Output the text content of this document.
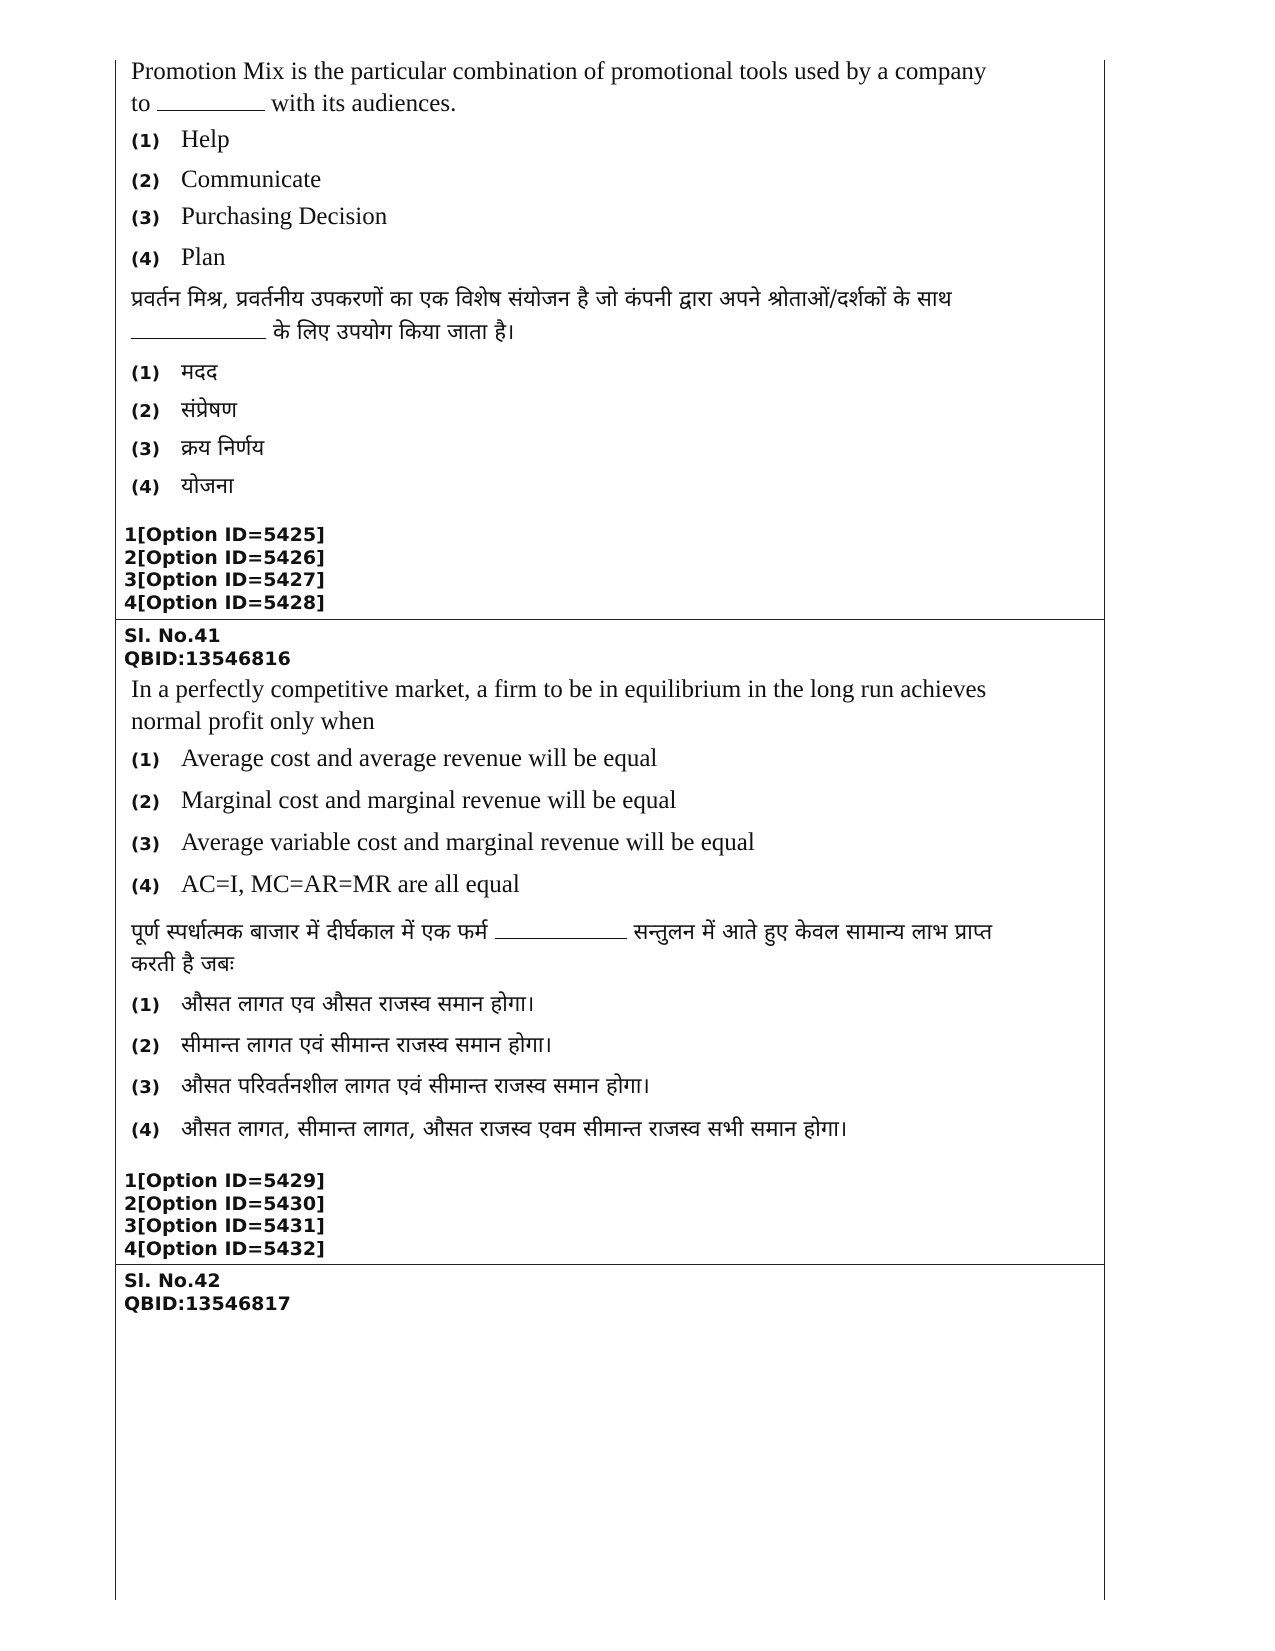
Promotion Mix is the particular combination of promotional tools used by a company to	with its audiences.
(1) Help
(2) Communicate
(3) Purchasing Decision
(4) Plan
प्रवर्तन मिश्र, प्रवर्तनीय उपकरणों का एक विशेष संयोजन है जो कंपनी द्वारा अपने श्रोताओं/दर्शकों के साथ
के लिए उपयोग किया जाता है।
(1) मदद
(2) संप्रेषण
(3) क्रय निर्णय
(4) योजना
1[Option ID=5425]
2[Option ID=5426]
3[Option ID=5427]
4[Option ID=5428]
Sl. No.41
QBID:13546816
In a perfectly competitive market, a firm to be in equilibrium in the long run achieves normal profit only when
(1) Average cost and average revenue will be equal
(2) Marginal cost and marginal revenue will be equal
(3) Average variable cost and marginal revenue will be equal
(4) AC=I, MC=AR=MR are all equal
पूर्ण स्पर्धात्मक बाजार में दीर्घकाल में एक फर्म	सन्तुलन में आते हुए केवल सामान्य लाभ प्राप्त करती है जबः
(1) औसत लागत एव औसत राजस्व समान होगा।
(2) सीमान्त लागत एवं सीमान्त राजस्व समान होगा।
(3) औसत परिवर्तनशील लागत एवं सीमान्त राजस्व समान होगा।
(4) औसत लागत, सीमान्त लागत, औसत राजस्व एवम सीमान्त राजस्व सभी समान होगा।
1[Option ID=5429]
2[Option ID=5430]
3[Option ID=5431]
4[Option ID=5432]
Sl. No.42
QBID:13546817
